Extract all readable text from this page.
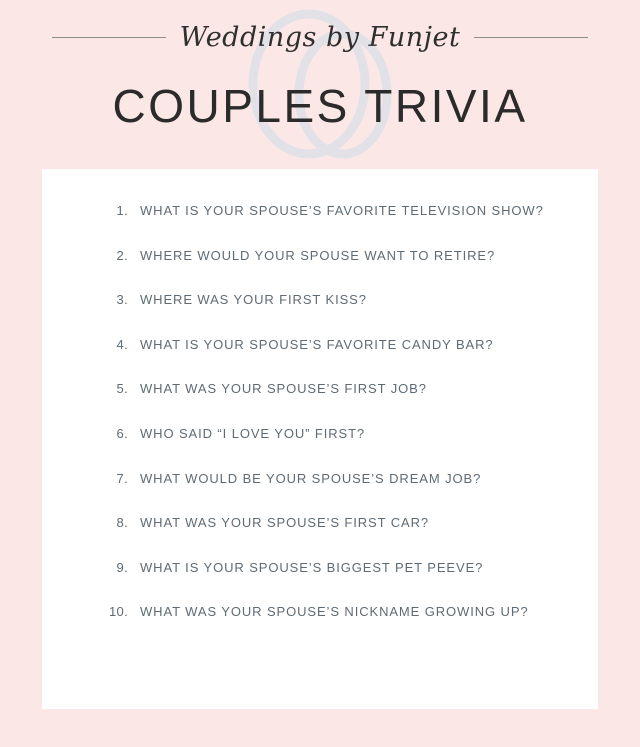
Weddings by Funjet
COUPLES TRIVIA
1. WHAT IS YOUR SPOUSE’S FAVORITE TELEVISION SHOW?
2. WHERE WOULD YOUR SPOUSE WANT TO RETIRE?
3. WHERE WAS YOUR FIRST KISS?
4. WHAT IS YOUR SPOUSE’S FAVORITE CANDY BAR?
5. WHAT WAS YOUR SPOUSE’S FIRST JOB?
6. WHO SAID “I LOVE YOU” FIRST?
7. WHAT WOULD BE YOUR SPOUSE’S DREAM JOB?
8. WHAT WAS YOUR SPOUSE’S FIRST CAR?
9. WHAT IS YOUR SPOUSE’S BIGGEST PET PEEVE?
10. WHAT WAS YOUR SPOUSE’S NICKNAME GROWING UP?
